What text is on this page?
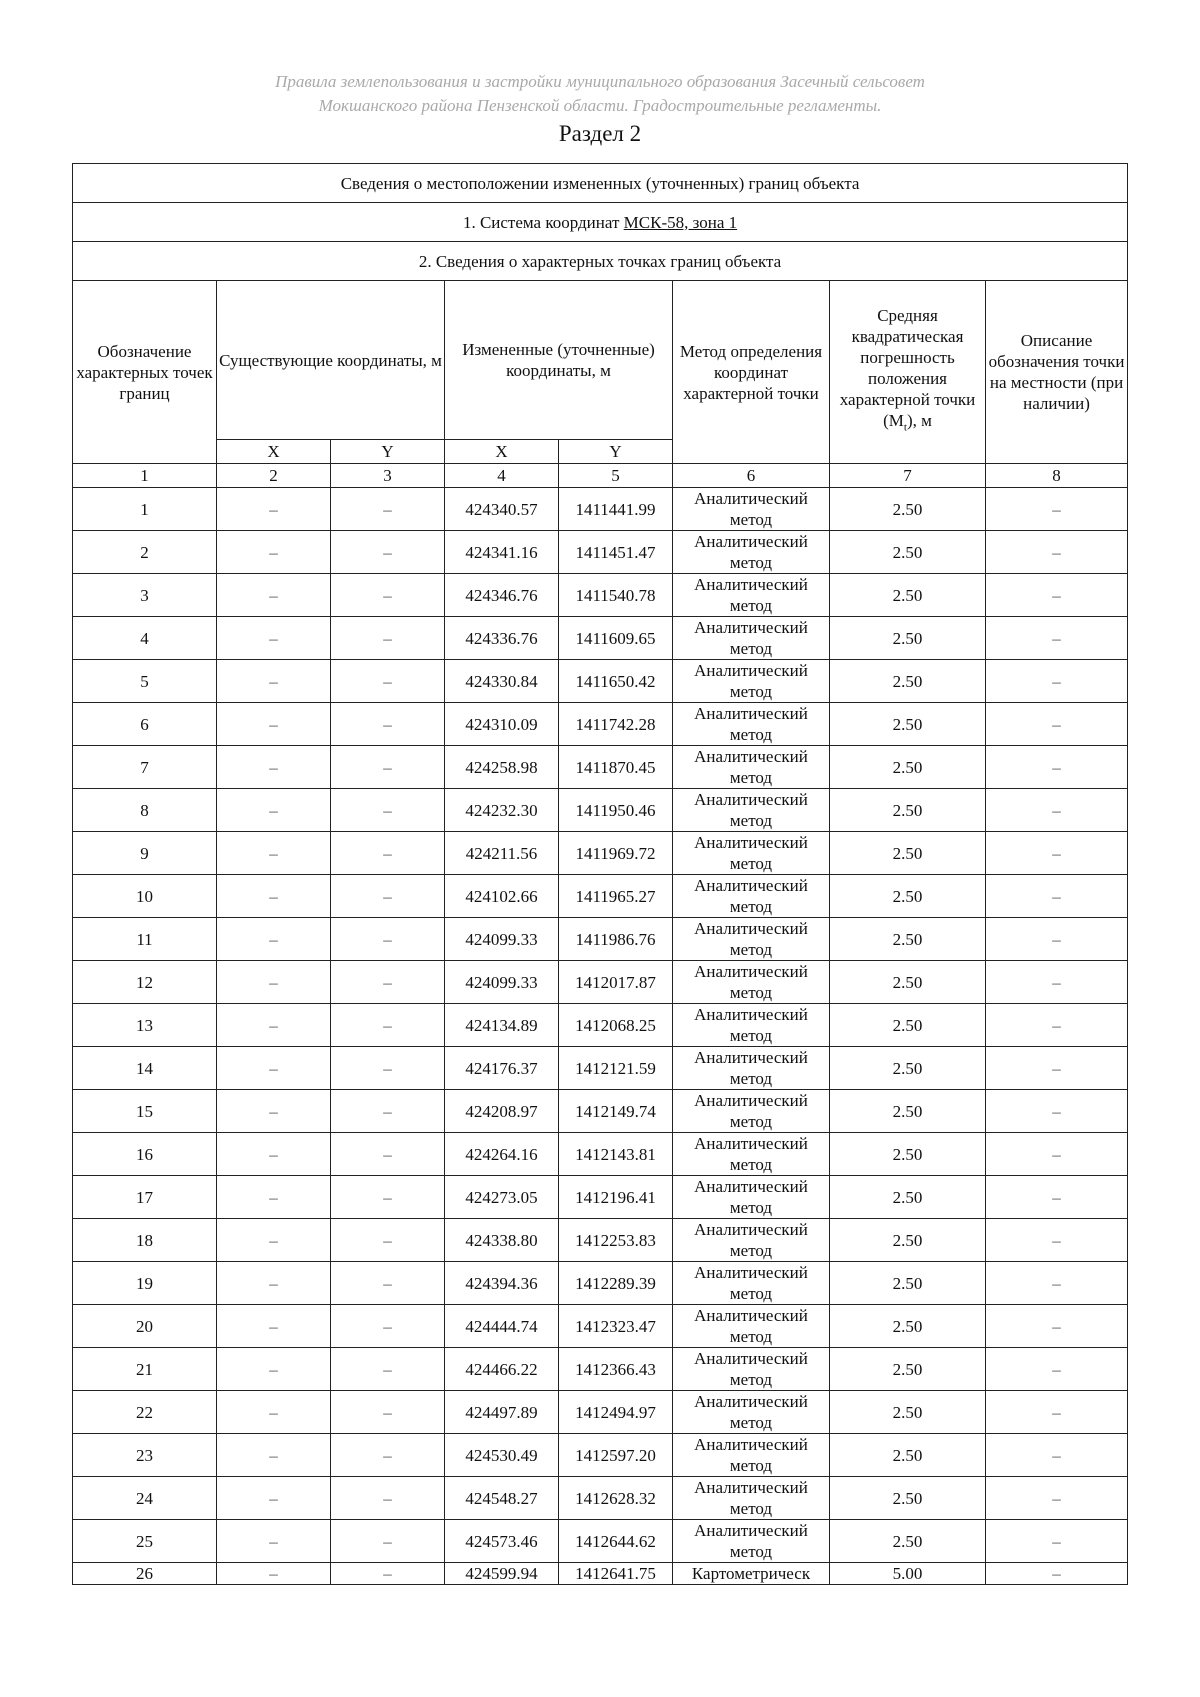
Правила землепользования и застройки муниципального образования Засечный сельсовет
Мокшанского района Пензенской области. Градостроительные регламенты.
Раздел 2
Сведения о местоположении измененных (уточненных) границ объекта							
1. Система координат МСК-58, зона 1							
2. Сведения о характерных точках границ объекта							
Обозначение характерных точек границ	Существующие координаты, м		Измененные (уточненные) координаты, м		Метод определения координат характерной точки	Средняя квадратическая погрешность положения характерной точки $(M_t)$, м	Описание обозначения точки на местности (при наличии)
	X	Y	X	Y			
1	2	3	4	5	6	7	8
1	–	–	424340.57	1411441.99	Аналитический метод	2.50	–
2	–	–	424341.16	1411451.47	Аналитический метод	2.50	–
3	–	–	424346.76	1411540.78	Аналитический метод	2.50	–
4	–	–	424336.76	1411609.65	Аналитический метод	2.50	–
5	–	–	424330.84	1411650.42	Аналитический метод	2.50	–
6	–	–	424310.09	1411742.28	Аналитический метод	2.50	–
7	–	–	424258.98	1411870.45	Аналитический метод	2.50	–
8	–	–	424232.30	1411950.46	Аналитический метод	2.50	–
9	–	–	424211.56	1411969.72	Аналитический метод	2.50	–
10	–	–	424102.66	1411965.27	Аналитический метод	2.50	–
11	–	–	424099.33	1411986.76	Аналитический метод	2.50	–
12	–	–	424099.33	1412017.87	Аналитический метод	2.50	–
13	–	–	424134.89	1412068.25	Аналитический метод	2.50	–
14	–	–	424176.37	1412121.59	Аналитический метод	2.50	–
15	–	–	424208.97	1412149.74	Аналитический метод	2.50	–
16	–	–	424264.16	1412143.81	Аналитический метод	2.50	–
17	–	–	424273.05	1412196.41	Аналитический метод	2.50	–
18	–	–	424338.80	1412253.83	Аналитический метод	2.50	–
19	–	–	424394.36	1412289.39	Аналитический метод	2.50	–
20	–	–	424444.74	1412323.47	Аналитический метод	2.50	–
21	–	–	424466.22	1412366.43	Аналитический метод	2.50	–
22	–	–	424497.89	1412494.97	Аналитический метод	2.50	–
23	–	–	424530.49	1412597.20	Аналитический метод	2.50	–
24	–	–	424548.27	1412628.32	Аналитический метод	2.50	–
25	–	–	424573.46	1412644.62	Аналитический метод	2.50	–
26	–	–	424599.94	1412641.75	Картометрическ	5.00	–
